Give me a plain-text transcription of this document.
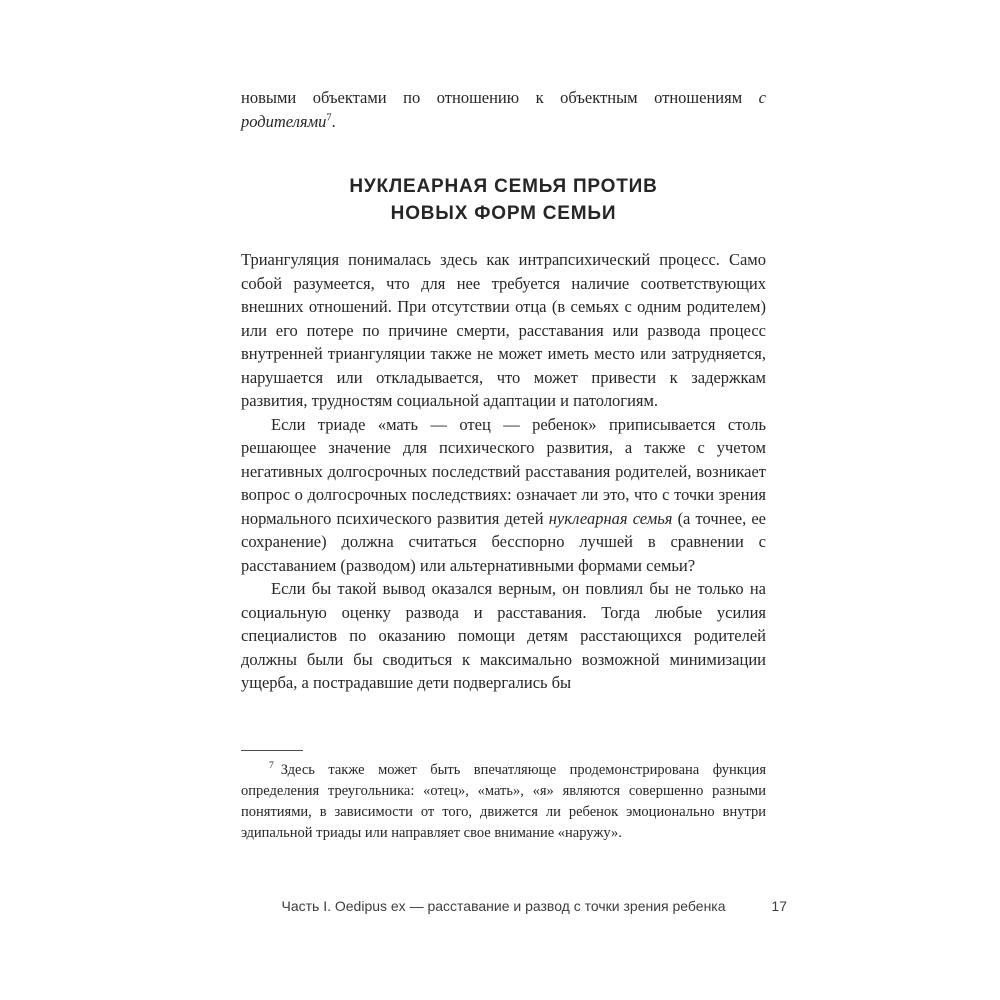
новыми объектами по отношению к объектным отношениям с родителями$^7$.

НУКЛЕАРНАЯ СЕМЬЯ ПРОТИВ
НОВЫХ ФОРМ СЕМЬИ

Триангуляция понималась здесь как интрапсихический процесс. Само собой разумеется, что для нее требуется наличие соответствующих внешних отношений. При отсутствии отца (в семьях с одним родителем) или его потере по причине смерти, расставания или развода процесс внутренней триангуляции также не может иметь место или затрудняется, нарушается или откладывается, что может привести к задержкам развития, трудностям социальной адаптации и патологиям.

Если триаде «мать — отец — ребенок» приписывается столь решающее значение для психического развития, а также с учетом негативных долгосрочных последствий расставания родителей, возникает вопрос о долгосрочных последствиях: означает ли это, что с точки зрения нормального психического развития детей нуклеарная семья (а точнее, ее сохранение) должна считаться бесспорно лучшей в сравнении с расставанием (разводом) или альтернативными формами семьи?

Если бы такой вывод оказался верным, он повлиял бы не только на социальную оценку развода и расставания. Тогда любые усилия специалистов по оказанию помощи детям расстающихся родителей должны были бы сводиться к максимально возможной минимизации ущерба, а пострадавшие дети подвергались бы

$^7$ Здесь также может быть впечатляюще продемонстрирована функция определения треугольника: «отец», «мать», «я» являются совершенно разными понятиями, в зависимости от того, движется ли ребенок эмоционально внутри эдипальной триады или направляет свое внимание «наружу».

Часть I. Oedipus ex — расставание и развод с точки зрения ребенка	17
